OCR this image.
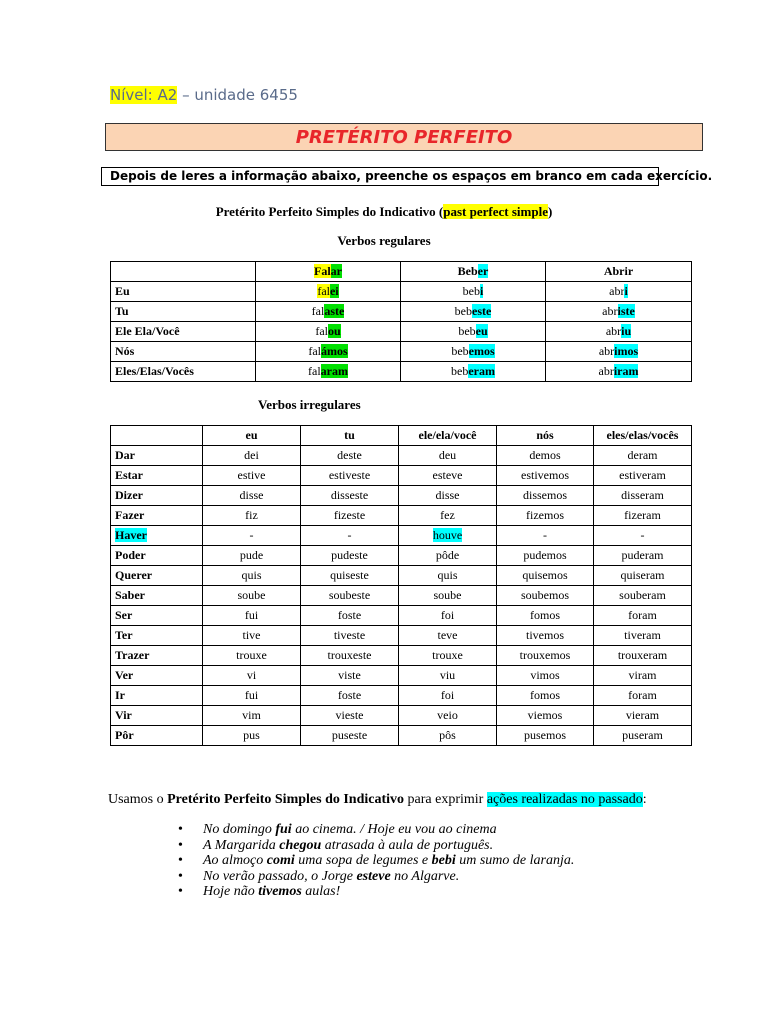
Nível: A2 – unidade 6455
PRETÉRITO PERFEITO
Depois de leres a informação abaixo, preenche os espaços em branco em cada exercício.
Pretérito Perfeito Simples do Indicativo (past perfect simple)
Verbos regulares
	Falar	Beber	Abrir
Eu	falei	bebi	abri
Tu	falaste	bebeste	abriste
Ele Ela/Você	falou	bebeu	abriu
Nós	falámos	bebemos	abrimos
Eles/Elas/Vocês	falaram	beberam	abriram
Verbos irregulares
	eu	tu	ele/ela/você	nós	eles/elas/vocês
Dar	dei	deste	deu	demos	deram
Estar	estive	estiveste	esteve	estivemos	estiveram
Dizer	disse	disseste	disse	dissemos	disseram
Fazer	fiz	fizeste	fez	fizemos	fizeram
Haver	-	-	houve	-	-
Poder	pude	pudeste	pôde	pudemos	puderam
Querer	quis	quiseste	quis	quisemos	quiseram
Saber	soube	soubeste	soube	soubemos	souberam
Ser	fui	foste	foi	fomos	foram
Ter	tive	tiveste	teve	tivemos	tiveram
Trazer	trouxe	trouxeste	trouxe	trouxemos	trouxeram
Ver	vi	viste	viu	vimos	viram
Ir	fui	foste	foi	fomos	foram
Vir	vim	vieste	veio	viemos	vieram
Pôr	pus	puseste	pôs	pusemos	puseram
Usamos o Pretérito Perfeito Simples do Indicativo para exprimir ações realizadas no passado:
• No domingo fui ao cinema. / Hoje eu vou ao cinema
• A Margarida chegou atrasada à aula de português.
• Ao almoço comi uma sopa de legumes e bebi um sumo de laranja.
• No verão passado, o Jorge esteve no Algarve.
• Hoje não tivemos aulas!
